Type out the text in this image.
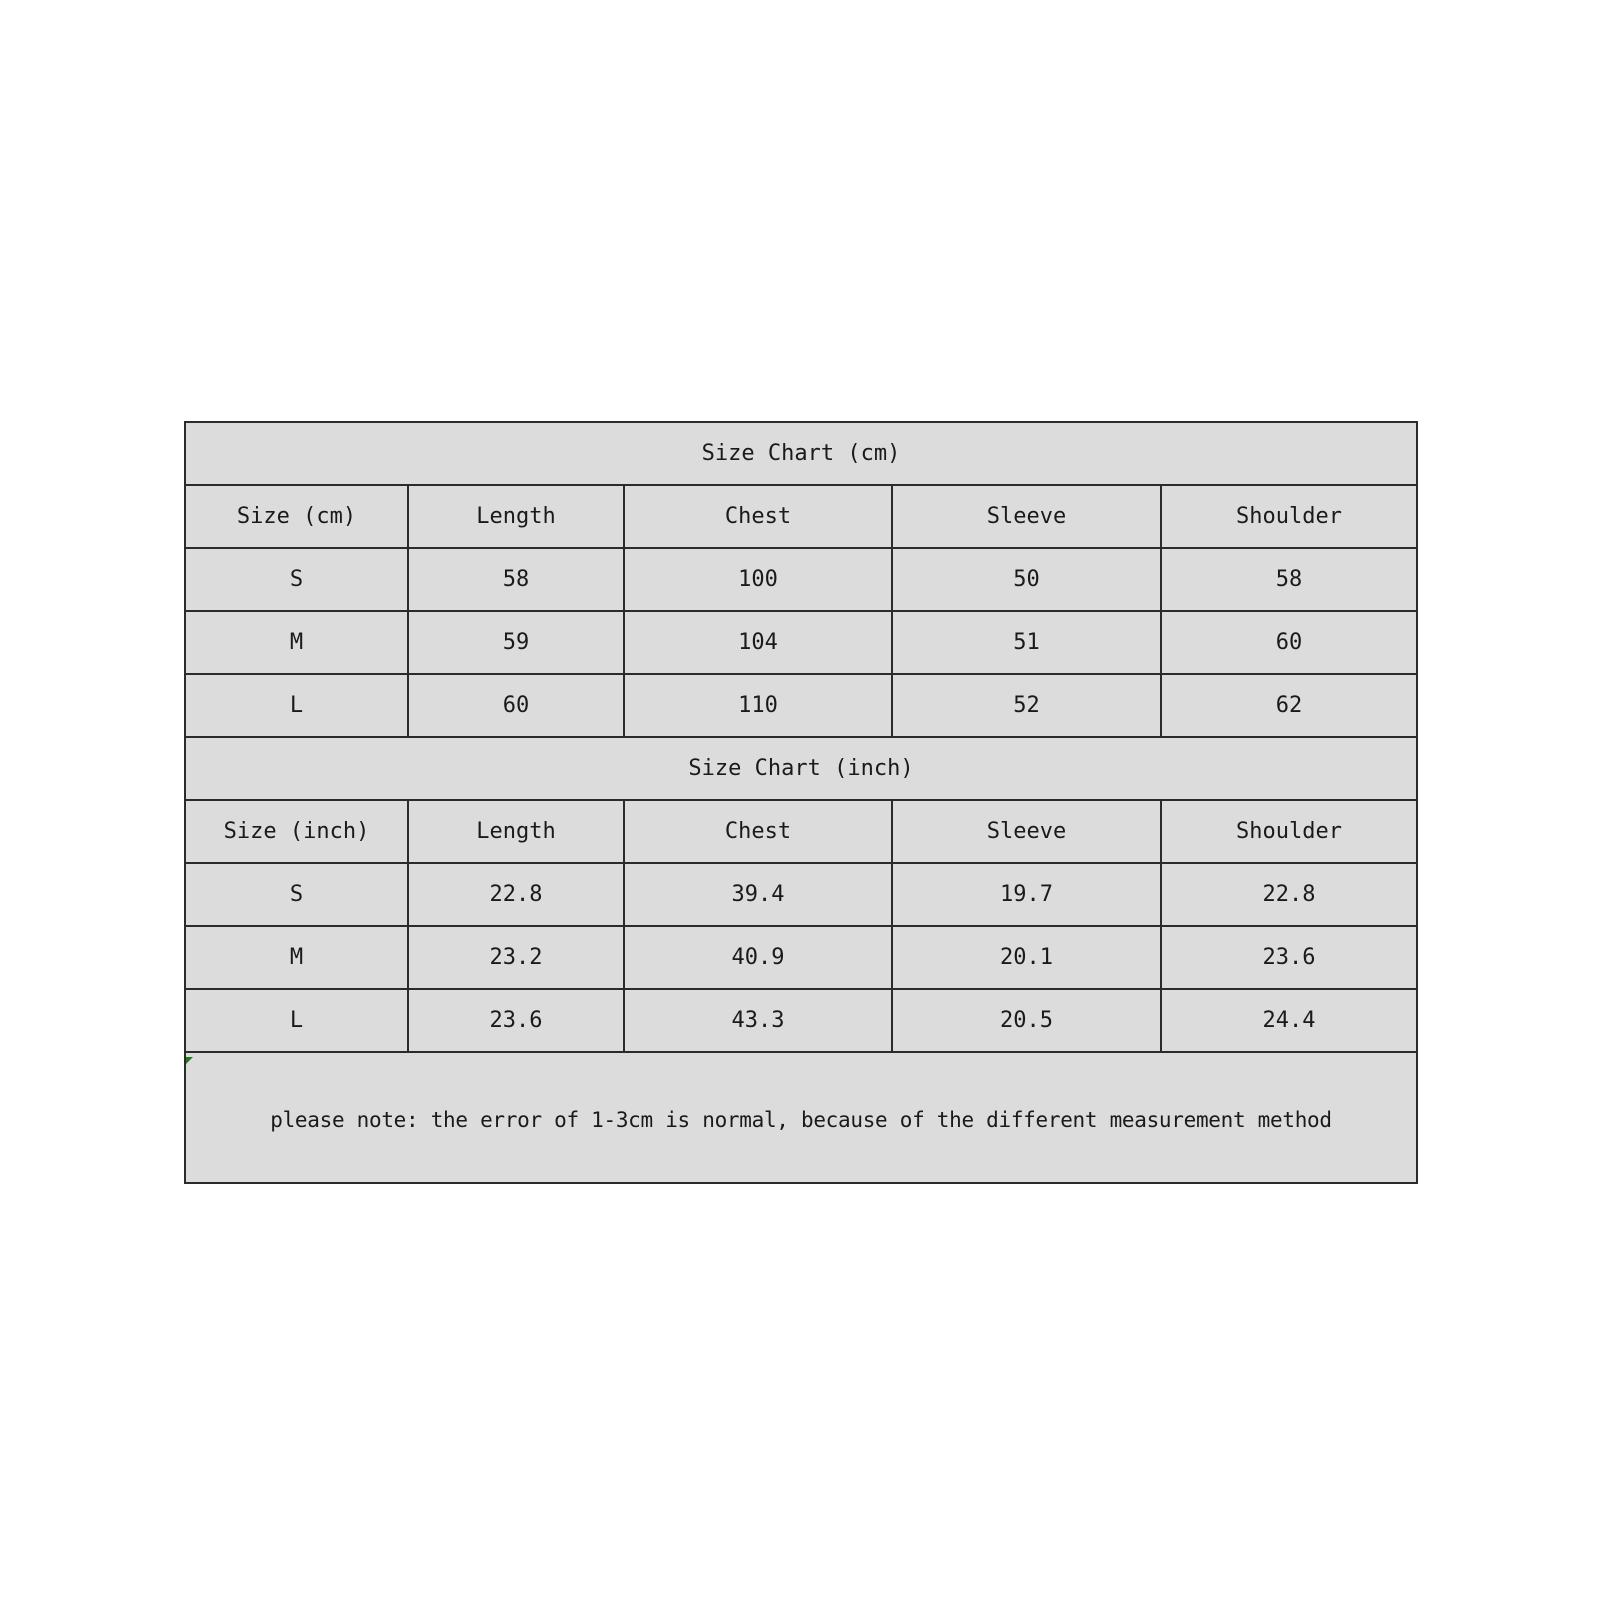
Size Chart (cm)				
Size (cm)	Length	Chest	Sleeve	Shoulder
S	58	100	50	58
M	59	104	51	60
L	60	110	52	62
Size Chart (inch)				
Size (inch)	Length	Chest	Sleeve	Shoulder
S	22.8	39.4	19.7	22.8
M	23.2	40.9	20.1	23.6
L	23.6	43.3	20.5	24.4
please note: the error of 1-3cm is normal, because of the different measurement method
